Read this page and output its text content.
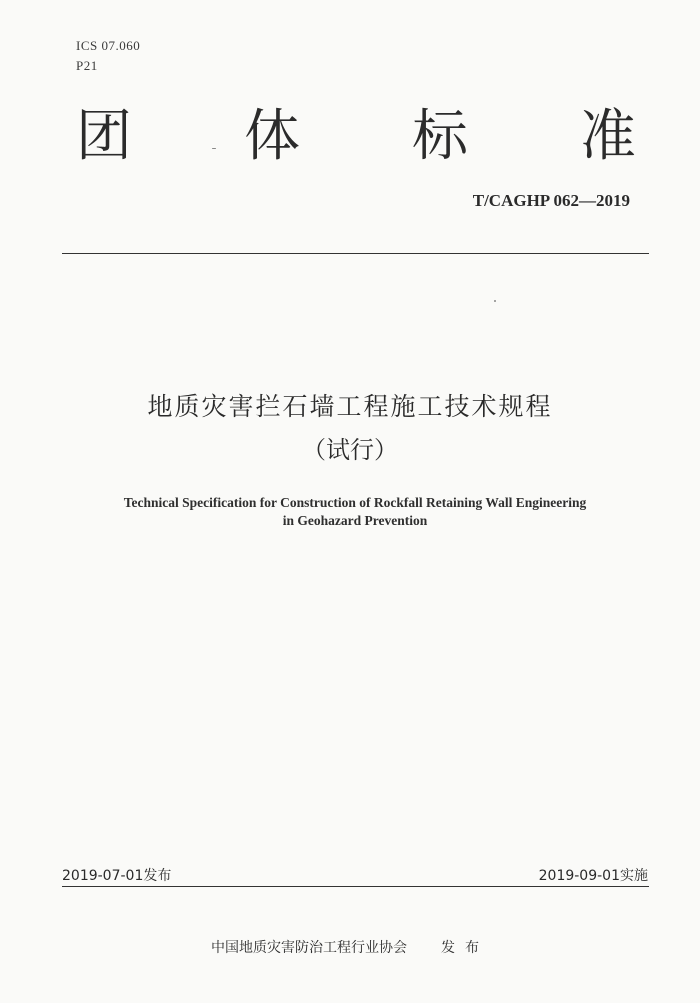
ICS 07.060
P21
团 体 标 准
T/CAGHP 062—2019
地质灾害拦石墙工程施工技术规程
（试行）
Technical Specification for Construction of Rockfall Retaining Wall Engineering
in Geohazard Prevention
2019-07-01发布	2019-09-01实施
中国地质灾害防治工程行业协会 发布
